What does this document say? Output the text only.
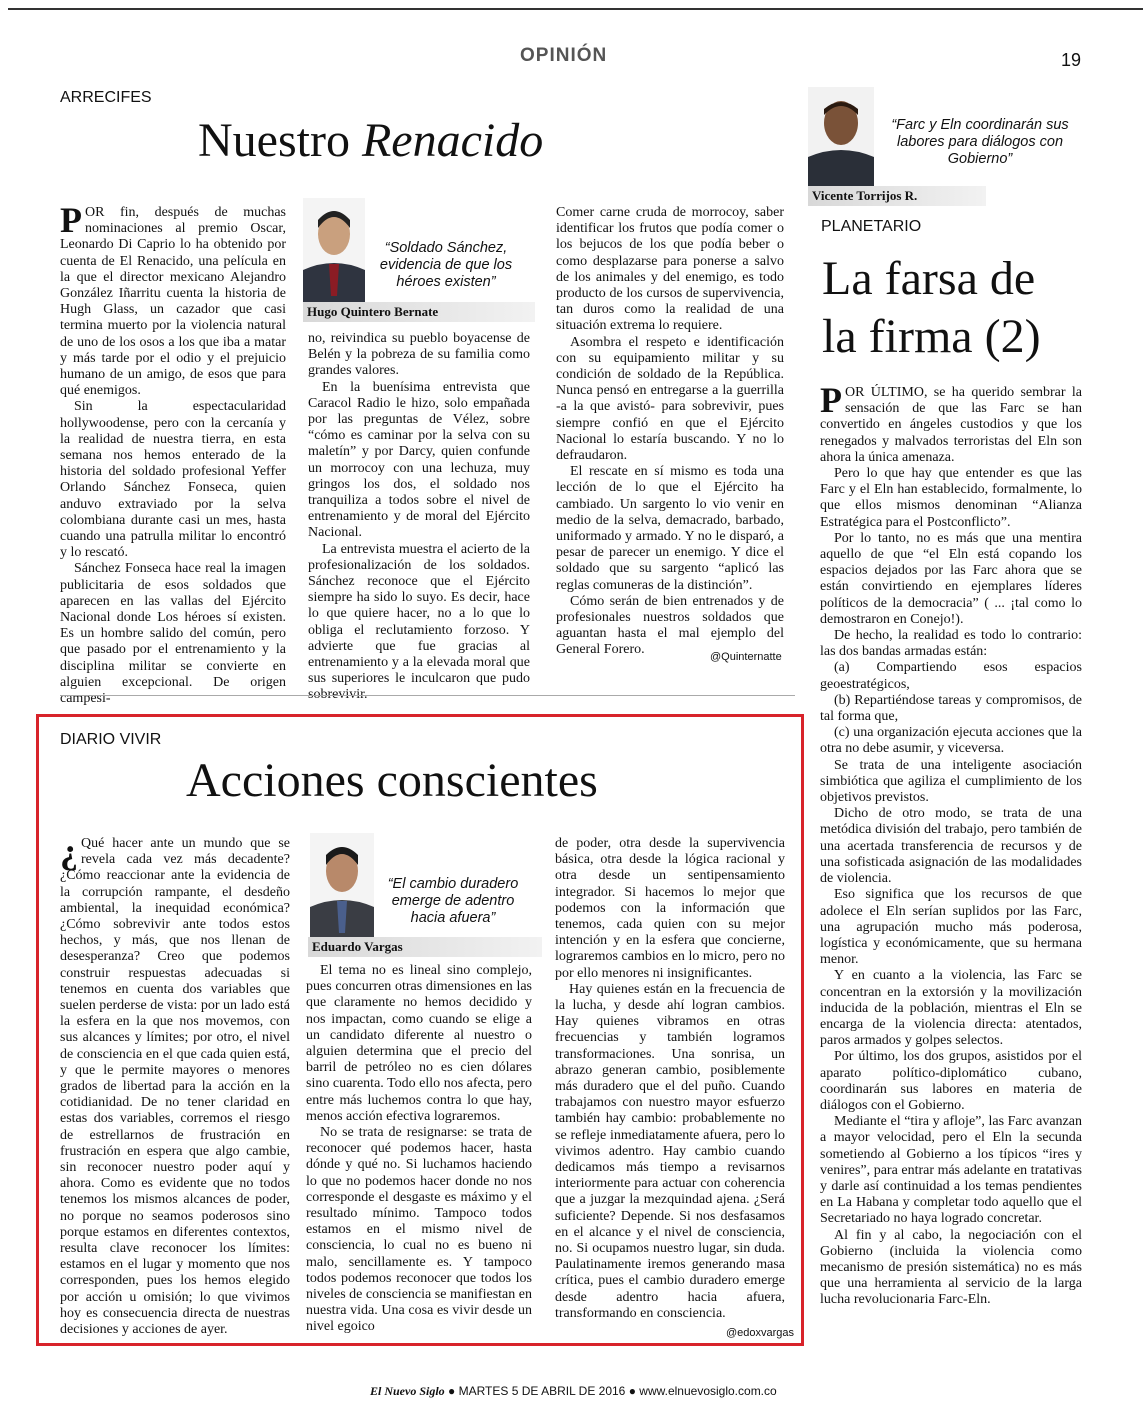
OPINIÓN	19
ARRECIFES
Nuestro Renacido

POR fin, después de muchas nominaciones al premio Oscar, Leonardo Di Caprio lo ha obtenido por cuenta de El Renacido, una película en la que el director mexicano Alejandro González Iñarritu cuenta la historia de Hugh Glass, un cazador que casi termina muerto por la violencia natural de uno de los osos a los que iba a matar y más tarde por el odio y el prejuicio humano de un amigo, de esos que para qué enemigos.

Sin la espectacularidad hollywoodense, pero con la cercanía y la realidad de nuestra tierra, en esta semana nos hemos enterado de la historia del soldado profesional Yeffer Orlando Sánchez Fonseca, quien anduvo extraviado por la selva colombiana durante casi un mes, hasta cuando una patrulla militar lo encontró y lo rescató.

Sánchez Fonseca hace real la imagen publicitaria de esos soldados que aparecen en las vallas del Ejército Nacional donde Los héroes sí existen. Es un hombre salido del común, pero que pasado por el entrenamiento y la disciplina militar se convierte en alguien excepcional. De origen campesi-

“Soldado Sánchez, evidencia de que los héroes existen”
Hugo Quintero Bernate

no, reivindica su pueblo boyacense de Belén y la pobreza de su familia como grandes valores.

En la buenísima entrevista que Caracol Radio le hizo, solo empañada por las preguntas de Vélez, sobre “cómo es caminar por la selva con su maletín” y por Darcy, quien confunde un morrocoy con una lechuza, muy gringos los dos, el soldado nos tranquiliza a todos sobre el nivel de entrenamiento y de moral del Ejército Nacional.

La entrevista muestra el acierto de la profesionalización de los soldados. Sánchez reconoce que el Ejército siempre ha sido lo suyo. Es decir, hace lo que quiere hacer, no a lo que lo obliga el reclutamiento forzoso. Y advierte que fue gracias al entrenamiento y a la elevada moral que sus superiores le inculcaron que pudo sobrevivir.

Comer carne cruda de morrocoy, saber identificar los frutos que podía comer o los bejucos de los que podía beber o como desplazarse para ponerse a salvo de los animales y del enemigo, es todo producto de los cursos de supervivencia, tan duros como la realidad de una situación extrema lo requiere.

Asombra el respeto e identificación con su equipamiento militar y su condición de soldado de la República. Nunca pensó en entregarse a la guerrilla -a la que avistó- para sobrevivir, pues siempre confió en que el Ejército Nacional lo estaría buscando. Y no lo defraudaron.

El rescate en sí mismo es toda una lección de lo que el Ejército ha cambiado. Un sargento lo vio venir en medio de la selva, demacrado, barbado, uniformado y armado. Y no le disparó, a pesar de parecer un enemigo. Y dice el soldado que su sargento “aplicó las reglas comuneras de la distinción”.

Cómo serán de bien entrenados y de profesionales nuestros soldados que aguantan hasta el mal ejemplo del General Forero.	@Quinternatte
DIARIO VIVIR
Acciones conscientes

¿ Qué hacer ante un mundo que se revela cada vez más decadente? ¿Cómo reaccionar ante la evidencia de la corrupción rampante, el desdeño ambiental, la inequidad económica? ¿Cómo sobrevivir ante todos estos hechos, y más, que nos llenan de desesperanza? Creo que podemos construir respuestas adecuadas si tenemos en cuenta dos variables que suelen perderse de vista: por un lado está la esfera en la que nos movemos, con sus alcances y límites; por otro, el nivel de consciencia en el que cada quien está, y que le permite mayores o menores grados de libertad para la acción en la cotidianidad. De no tener claridad en estas dos variables, corremos el riesgo de estrellarnos de frustración en frustración en espera que algo cambie, sin reconocer nuestro poder aquí y ahora. Como es evidente que no todos tenemos los mismos alcances de poder, no porque no seamos poderosos sino porque estamos en diferentes contextos, resulta clave reconocer los límites: estamos en el lugar y momento que nos corresponden, pues los hemos elegido por acción u omisión; lo que vivimos hoy es consecuencia directa de nuestras decisiones y acciones de ayer.

“El cambio duradero emerge de adentro hacia afuera”
Eduardo Vargas

El tema no es lineal sino complejo, pues concurren otras dimensiones en las que claramente no hemos decidido y nos impactan, como cuando se elige a un candidato diferente al nuestro o alguien determina que el precio del barril de petróleo no es cien dólares sino cuarenta. Todo ello nos afecta, pero entre más luchemos contra lo que hay, menos acción efectiva lograremos.

No se trata de resignarse: se trata de reconocer qué podemos hacer, hasta dónde y qué no. Si luchamos haciendo lo que no podemos hacer donde no nos corresponde el desgaste es máximo y el resultado mínimo. Tampoco todos estamos en el mismo nivel de consciencia, lo cual no es bueno ni malo, sencillamente es. Y tampoco todos podemos reconocer que todos los niveles de consciencia se manifiestan en nuestra vida. Una cosa es vivir desde un nivel egoico

de poder, otra desde la supervivencia básica, otra desde la lógica racional y otra desde un sentipensamiento integrador. Si hacemos lo mejor que podemos con la información que tenemos, cada quien con su mejor intención y en la esfera que concierne, lograremos cambios en lo micro, pero no por ello menores ni insignificantes.

Hay quienes están en la frecuencia de la lucha, y desde ahí logran cambios. Hay quienes vibramos en otras frecuencias y también logramos transformaciones. Una sonrisa, un abrazo generan cambio, posiblemente más duradero que el del puño. Cuando trabajamos con nuestro mayor esfuerzo también hay cambio: probablemente no se refleje inmediatamente afuera, pero lo vivimos adentro. Hay cambio cuando dedicamos más tiempo a revisarnos interiormente para actuar con coherencia que a juzgar la mezquindad ajena. ¿Será suficiente? Depende. Si nos desfasamos en el alcance y el nivel de consciencia, no. Si ocupamos nuestro lugar, sin duda. Paulatinamente iremos generando masa crítica, pues el cambio duradero emerge desde adentro hacia afuera, transformando en consciencia.

@edoxvargas
“Farc y Eln coordinarán sus labores para diálogos con Gobierno”
Vicente Torrijos R.
PLANETARIO
La farsa de
la firma (2)

POR ÚLTIMO, se ha querido sembrar la sensación de que las Farc se han convertido en ángeles custodios y que los renegados y malvados terroristas del Eln son ahora la única amenaza.

Pero lo que hay que entender es que las Farc y el Eln han establecido, formalmente, lo que ellos mismos denominan “Alianza Estratégica para el Postconflicto”.

Por lo tanto, no es más que una mentira aquello de que “el Eln está copando los espacios dejados por las Farc ahora que se están convirtiendo en ejemplares líderes políticos de la democracia” ( ... ¡tal como lo demostraron en Conejo!).

De hecho, la realidad es todo lo contrario: las dos bandas armadas están:

(a) Compartiendo esos espacios geoestratégicos,

(b) Repartiéndose tareas y compromisos, de tal forma que,

(c) una organización ejecuta acciones que la otra no debe asumir, y viceversa.

Se trata de una inteligente asociación simbiótica que agiliza el cumplimiento de los objetivos previstos.

Dicho de otro modo, se trata de una metódica división del trabajo, pero también de una acertada transferencia de recursos y de una sofisticada asignación de las modalidades de violencia.

Eso significa que los recursos de que adolece el Eln serían suplidos por las Farc, una agrupación mucho más poderosa, logística y económicamente, que su hermana menor.

Y en cuanto a la violencia, las Farc se concentran en la extorsión y la movilización inducida de la población, mientras el Eln se encarga de la violencia directa: atentados, paros armados y golpes selectos.

Por último, los dos grupos, asistidos por el aparato político-diplomático cubano, coordinarán sus labores en materia de diálogos con el Gobierno.

Mediante el “tira y afloje”, las Farc avanzan a mayor velocidad, pero el Eln la secunda sometiendo al Gobierno a los típicos “ires y venires”, para entrar más adelante en tratativas y darle así continuidad a los temas pendientes en La Habana y completar todo aquello que el Secretariado no haya logrado concretar.

Al fin y al cabo, la negociación con el Gobierno (incluida la violencia como mecanismo de presión sistemática) no es más que una herramienta al servicio de la larga lucha revolucionaria Farc-Eln.

El Nuevo Siglo ● MARTES 5 DE ABRIL DE 2016 ● www.elnuevosiglo.com.co
